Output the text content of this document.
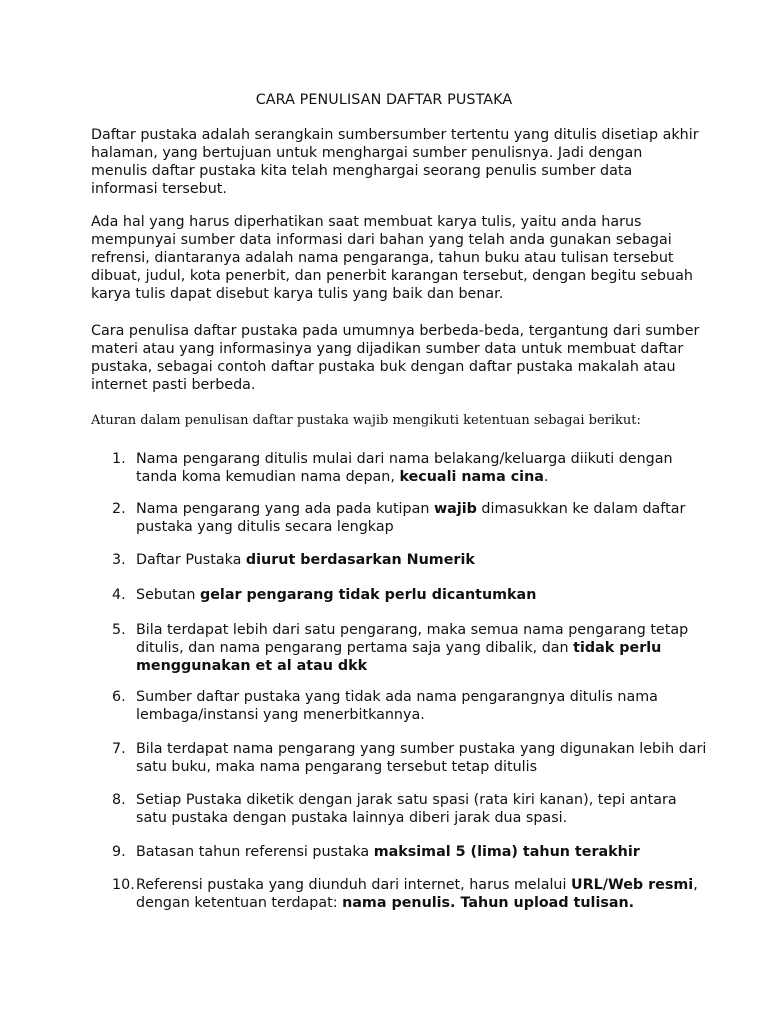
CARA PENULISAN DAFTAR PUSTAKA

Daftar pustaka adalah serangkain sumbersumber tertentu yang ditulis disetiap akhir halaman, yang bertujuan untuk menghargai sumber penulisnya. Jadi dengan menulis daftar pustaka kita telah menghargai seorang penulis sumber data informasi tersebut.

Ada hal yang harus diperhatikan saat membuat karya tulis, yaitu anda harus mempunyai sumber data informasi dari bahan yang telah anda gunakan sebagai refrensi, diantaranya adalah nama pengaranga, tahun buku atau tulisan tersebut dibuat, judul, kota penerbit, dan penerbit karangan tersebut, dengan begitu sebuah karya tulis dapat disebut karya tulis yang baik dan benar.

Cara penulisa daftar pustaka pada umumnya berbeda-beda, tergantung dari sumber materi atau yang informasinya yang dijadikan sumber data untuk membuat daftar pustaka, sebagai contoh daftar pustaka buk dengan daftar pustaka makalah atau internet pasti berbeda.

Aturan dalam penulisan daftar pustaka wajib mengikuti ketentuan sebagai berikut:
1. Nama pengarang ditulis mulai dari nama belakang/keluarga diikuti dengan tanda koma kemudian nama depan, kecuali nama cina.
2. Nama pengarang yang ada pada kutipan wajib dimasukkan ke dalam daftar pustaka yang ditulis secara lengkap
3. Daftar Pustaka diurut berdasarkan Numerik
4. Sebutan gelar pengarang tidak perlu dicantumkan
5. Bila terdapat lebih dari satu pengarang, maka semua nama pengarang tetap ditulis, dan nama pengarang pertama saja yang dibalik, dan tidak perlu menggunakan et al atau dkk
6. Sumber daftar pustaka yang tidak ada nama pengarangnya ditulis nama lembaga/instansi yang menerbitkannya.
7. Bila terdapat nama pengarang yang sumber pustaka yang digunakan lebih dari satu buku, maka nama pengarang tersebut tetap ditulis
8. Setiap Pustaka diketik dengan jarak satu spasi (rata kiri kanan), tepi antara satu pustaka dengan pustaka lainnya diberi jarak dua spasi.
9. Batasan tahun referensi pustaka maksimal 5 (lima) tahun terakhir
10. Referensi pustaka yang diunduh dari internet, harus melalui URL/Web resmi, dengan ketentuan terdapat: nama penulis. Tahun upload tulisan.
